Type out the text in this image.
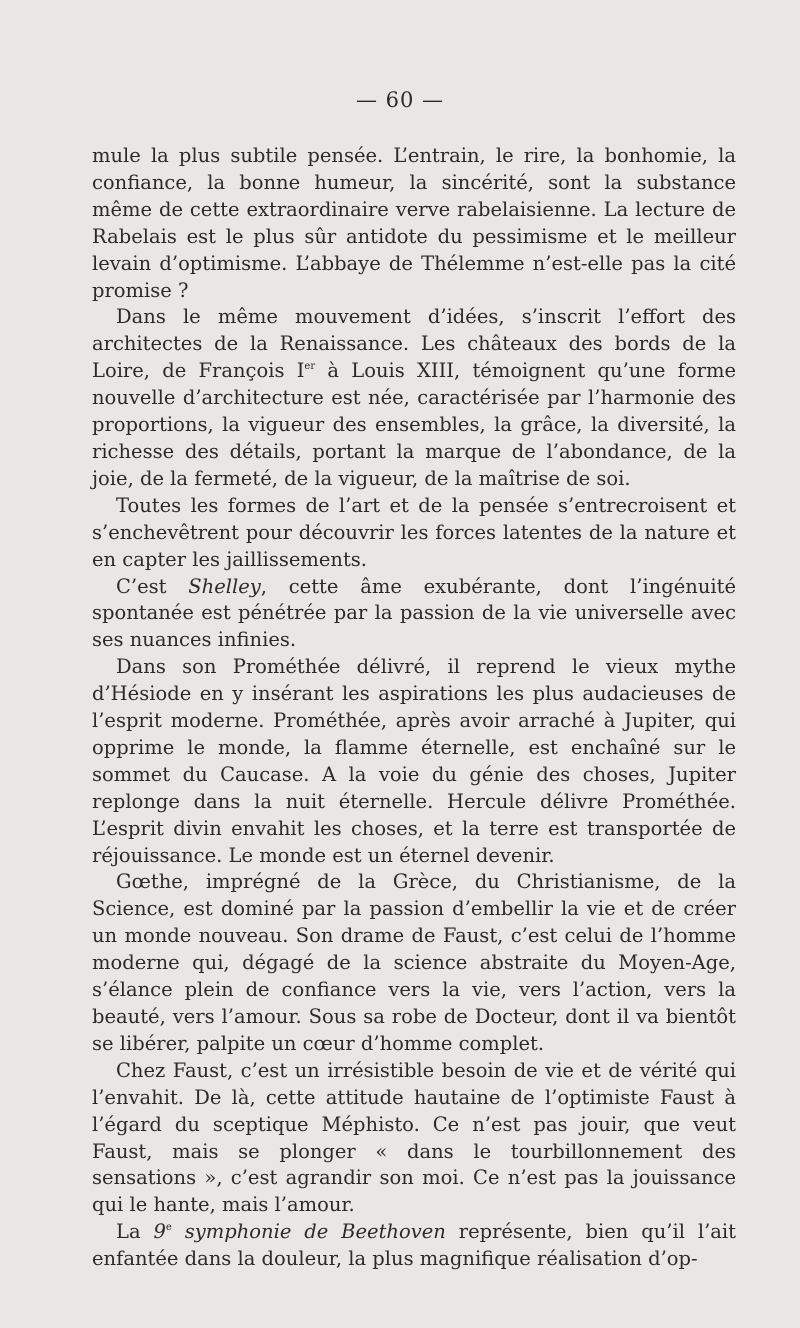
— 60 —

mule la plus subtile pensée. L’entrain, le rire, la bonhomie, la confiance, la bonne humeur, la sincérité, sont la substance même de cette extraordinaire verve rabelaisienne. La lecture de Rabelais est le plus sûr antidote du pessimisme et le meilleur levain d’optimisme. L’abbaye de Thélemme n’est-elle pas la cité promise ?

Dans le même mouvement d’idées, s’inscrit l’effort des architectes de la Renaissance. Les châteaux des bords de la Loire, de François Ier à Louis XIII, témoignent qu’une forme nouvelle d’architecture est née, caractérisée par l’harmonie des proportions, la vigueur des ensembles, la grâce, la diversité, la richesse des détails, portant la marque de l’abondance, de la joie, de la fermeté, de la vigueur, de la maîtrise de soi.

Toutes les formes de l’art et de la pensée s’entrecroisent et s’enchevêtrent pour découvrir les forces latentes de la nature et en capter les jaillissements.

C’est Shelley, cette âme exubérante, dont l’ingénuité spontanée est pénétrée par la passion de la vie universelle avec ses nuances infinies.

Dans son Prométhée délivré, il reprend le vieux mythe d’Hésiode en y insérant les aspirations les plus audacieuses de l’esprit moderne. Prométhée, après avoir arraché à Jupiter, qui opprime le monde, la flamme éternelle, est enchaîné sur le sommet du Caucase. A la voie du génie des choses, Jupiter replonge dans la nuit éternelle. Hercule délivre Prométhée. L’esprit divin envahit les choses, et la terre est transportée de réjouissance. Le monde est un éternel devenir.

Gœthe, imprégné de la Grèce, du Christianisme, de la Science, est dominé par la passion d’embellir la vie et de créer un monde nouveau. Son drame de Faust, c’est celui de l’homme moderne qui, dégagé de la science abstraite du Moyen-Age, s’élance plein de confiance vers la vie, vers l’action, vers la beauté, vers l’amour. Sous sa robe de Docteur, dont il va bientôt se libérer, palpite un cœur d’homme complet.

Chez Faust, c’est un irrésistible besoin de vie et de vérité qui l’envahit. De là, cette attitude hautaine de l’optimiste Faust à l’égard du sceptique Méphisto. Ce n’est pas jouir, que veut Faust, mais se plonger « dans le tourbillonnement des sensations », c’est agrandir son moi. Ce n’est pas la jouissance qui le hante, mais l’amour.

La 9e symphonie de Beethoven représente, bien qu’il l’ait enfantée dans la douleur, la plus magnifique réalisation d’op-
